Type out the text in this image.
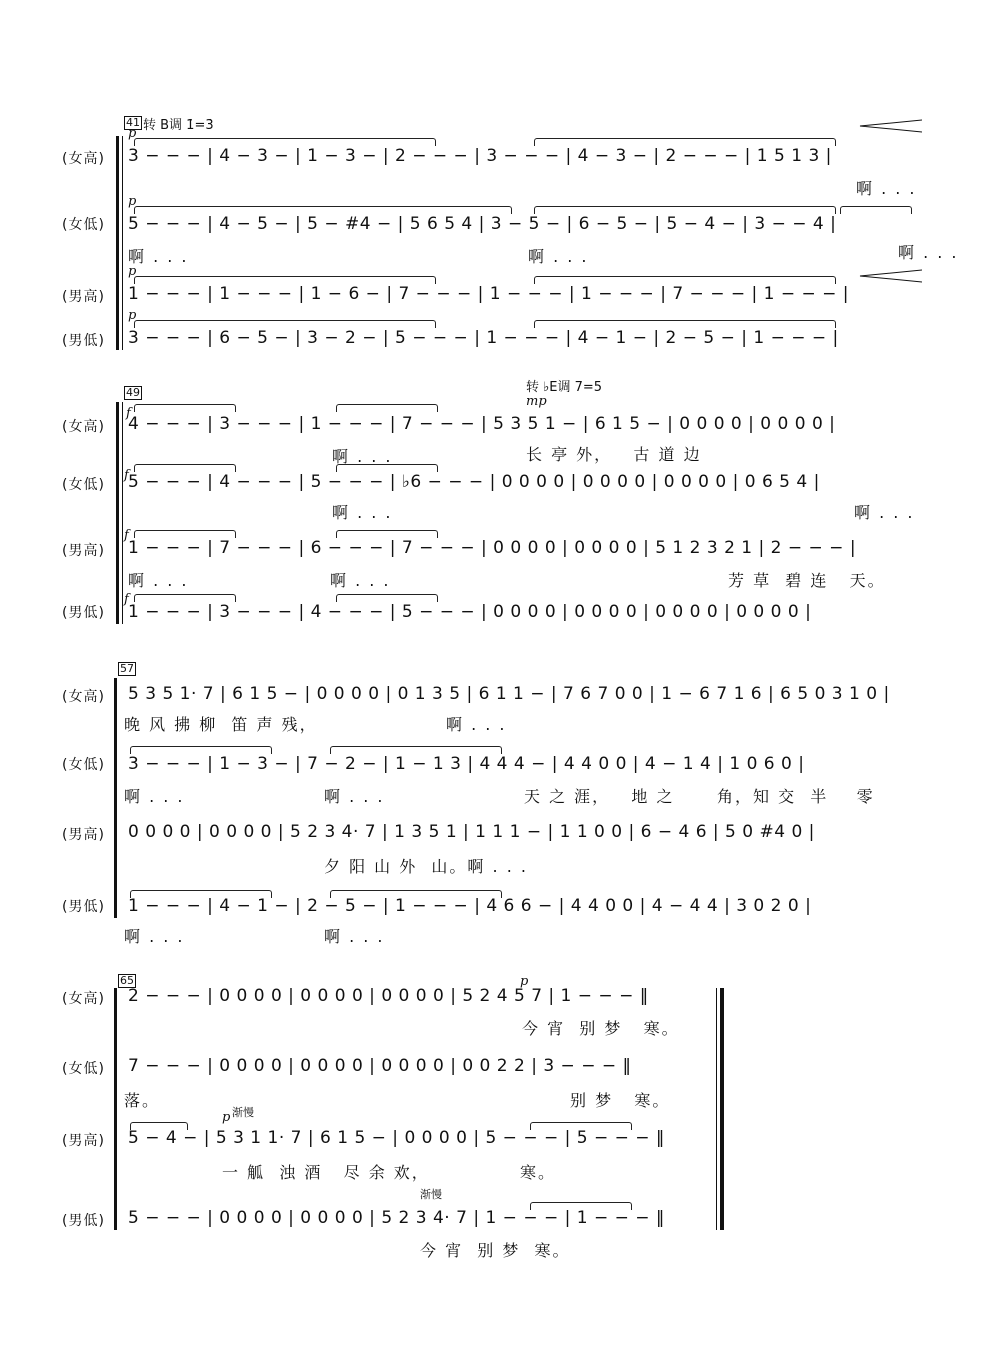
41 转 B调 1̇=3̇
(女高)
p
3 − − − | 4 − 3 − | 1 − 3 − | 2 − − − | 3 − − − | 4 − 3 − | 2 − − − | 1 5 1 3 |
啊 . . .
(女低)
p
5 − − − | 4 − 5 − | 5 − #4 − | 5 6 5 4 | 3 − 5 − | 6 − 5 − | 5 − 4 − | 3 − − 4 |
啊 . . .	啊 . . .	啊 . . .
(男高)
p
1 − − − | 1 − − − | 1 − 6 − | 7 − − − | 1 − − − | 1 − − − | 7 − − − | 1 − − − |
(男低)
p
3 − − − | 6 − 5 − | 3 − 2 − | 5 − − − | 1 − − − | 4 − 1 − | 2 − 5 − | 1 − − − |
49	转 ♭E调 7=5
mp
(女高)
f
4 − − − | 3 − − − | 1 − − − | 7 − − − | 5 3 5 1 − | 6 1 5 − | 0 0 0 0 | 0 0 0 0 |
啊 . . .	长 亭 外，   古 道 边
(女低)
f 5 − − − | 4 − − − | 5 − − − | ♭6 − − − | 0 0 0 0 | 0 0 0 0 | 0 0 0 0 | 0 6 5 4 |
啊 . . .	啊 . . .
(男高)
f
1 − − − | 7 − − − | 6 − − − | 7 − − − | 0 0 0 0 | 0 0 0 0 | 5 1 2 3 2 1 | 2 − − − |
啊 . . .	啊 . . .	芳 草  碧 连   天。
(男低)
f
1 − − − | 3 − − − | 4 − − − | 5 − − − | 0 0 0 0 | 0 0 0 0 | 0 0 0 0 | 0 0 0 0 |
57
(女高)	5 3 5 1· 7 | 6 1 5 − | 0 0 0 0 | 0 1 3 5 | 6 1 1 − | 7 6 7 0 0 | 1 − 6 7 1 6 | 6 5 0 3 1 0 |
晚 风 拂 柳  笛 声 残，	啊 . . .
(女低)	3 − − − | 1 − 3 − | 7 − 2 − | 1 − 1 3 | 4 4 4 − | 4 4 0 0 | 4 − 1 4 | 1 0 6 0 |
啊 . . .	啊 . . .	天 之 涯，   地 之      角，知 交  半    零
(男高)	0 0 0 0 | 0 0 0 0 | 5 2 3 4· 7 | 1 3 5 1 | 1 1 1 − | 1 1 0 0 | 6 − 4 6 | 5 0 #4 0 |
夕 阳 山 外  山。啊 . . .
(男低)	1 − − − | 4 − 1 − | 2 − 5 − | 1 − − − | 4 6 6 − | 4 4 0 0 | 4 − 4 4 | 3 0 2 0 |
啊 . . .	啊 . . .
65
(女高)
p
2 − − − | 0 0 0 0 | 0 0 0 0 | 0 0 0 0 | 5 2 4 5 7 | 1 − − − ‖
今 宵  别 梦   寒。
(女低)	7 − − − | 0 0 0 0 | 0 0 0 0 | 0 0 0 0 | 0 0 2 2 | 3 − − − ‖
落。	别 梦   寒。
(男高)
p 渐慢
5 − 4 − | 5 3 1 1· 7 | 6 1 5 − | 0 0 0 0 | 5 − − − | 5 − − − ‖
一 觚  浊 酒   尽 余 欢，	寒。
(男低)
渐慢
5 − − − | 0 0 0 0 | 0 0 0 0 | 5 2 3 4· 7 | 1 − − − | 1 − − − ‖
今 宵  别 梦  寒。
